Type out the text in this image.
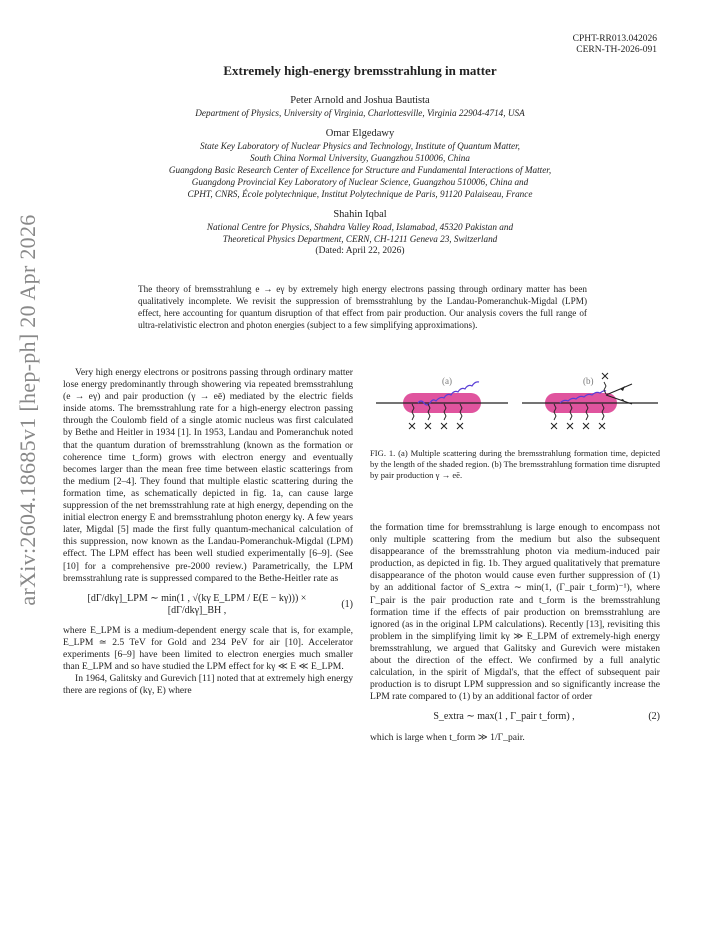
arXiv:2604.18685v1 [hep-ph] 20 Apr 2026
CPHT-RR013.042026
CERN-TH-2026-091
Extremely high-energy bremsstrahlung in matter
Peter Arnold and Joshua Bautista
Department of Physics, University of Virginia, Charlottesville, Virginia 22904-4714, USA
Omar Elgedawy
State Key Laboratory of Nuclear Physics and Technology, Institute of Quantum Matter,
South China Normal University, Guangzhou 510006, China
Guangdong Basic Research Center of Excellence for Structure and Fundamental Interactions of Matter,
Guangdong Provincial Key Laboratory of Nuclear Science, Guangzhou 510006, China and
CPHT, CNRS, École polytechnique, Institut Polytechnique de Paris, 91120 Palaiseau, France
Shahin Iqbal
National Centre for Physics, Shahdra Valley Road, Islamabad, 45320 Pakistan and
Theoretical Physics Department, CERN, CH-1211 Geneva 23, Switzerland
(Dated: April 22, 2026)
The theory of bremsstrahlung e → eγ by extremely high energy electrons passing through ordinary matter has been qualitatively incomplete. We revisit the suppression of bremsstrahlung by the Landau-Pomeranchuk-Migdal (LPM) effect, here accounting for quantum disruption of that effect from pair production. Our analysis covers the full range of ultra-relativistic electron and photon energies (subject to a few simplifying approximations).

Very high energy electrons or positrons passing through ordinary matter lose energy predominantly through showering via repeated bremsstrahlung (e → eγ) and pair production (γ → eē) mediated by the electric fields inside atoms. The bremsstrahlung rate for a high-energy electron passing through the Coulomb field of a single atomic nucleus was first calculated by Bethe and Heitler in 1934 [1]. In 1953, Landau and Pomeranchuk noted that the quantum duration of bremsstrahlung (known as the formation or coherence time t_form) grows with electron energy and eventually becomes larger than the mean free time between elastic scatterings from the medium [2–4]. They found that multiple elastic scattering during the formation time, as schematically depicted in fig. 1a, can cause large suppression of the net bremsstrahlung rate at high energy, depending on the initial electron energy E and bremsstrahlung photon energy kγ. A few years later, Migdal [5] made the first fully quantum-mechanical calculation of this suppression, now known as the Landau-Pomeranchuk-Migdal (LPM) effect. The LPM effect has been well studied experimentally [6–9]. (See [10] for a comprehensive pre-2000 review.) Parametrically, the LPM bremsstrahlung rate is suppressed compared to the Bethe-Heitler rate as

[dΓ/dkγ]_LPM ∼ min(1 , √(kγ E_LPM / E(E − kγ))) × [dΓ/dkγ]_BH ,
(1)

where E_LPM is a medium-dependent energy scale that is, for example, E_LPM ≃ 2.5 TeV for Gold and 234 PeV for air [10]. Accelerator experiments [6–9] have been limited to electron energies much smaller than E_LPM and so have studied the LPM effect for kγ ≪ E ≪ E_LPM.

In 1964, Galitsky and Gurevich [11] noted that at extremely high energy there are regions of (kγ, E) where

(a)	(b)
FIG. 1. (a) Multiple scattering during the bremsstrahlung formation time, depicted by the length of the shaded region. (b) The bremsstrahlung formation time disrupted by pair production γ → eē.

the formation time for bremsstrahlung is large enough to encompass not only multiple scattering from the medium but also the subsequent disappearance of the bremsstrahlung photon via medium-induced pair production, as depicted in fig. 1b. They argued qualitatively that premature disappearance of the photon would cause even further suppression of (1) by an additional factor of S_extra ∼ min(1, (Γ_pair t_form)⁻¹), where Γ_pair is the pair production rate and t_form is the bremsstrahlung formation time if the effects of pair production on bremsstrahlung are ignored (as in the original LPM calculations). Recently [13], revisiting this problem in the simplifying limit kγ ≫ E_LPM of extremely-high energy bremsstrahlung, we argued that Galitsky and Gurevich were mistaken about the direction of the effect. We confirmed by a full analytic calculation, in the spirit of Migdal's, that the effect of subsequent pair production is to disrupt LPM suppression and so significantly increase the LPM rate compared to (1) by an additional factor of order

S_extra ∼ max(1 , Γ_pair t_form) ,	(2)

which is large when t_form ≫ 1/Γ_pair.
